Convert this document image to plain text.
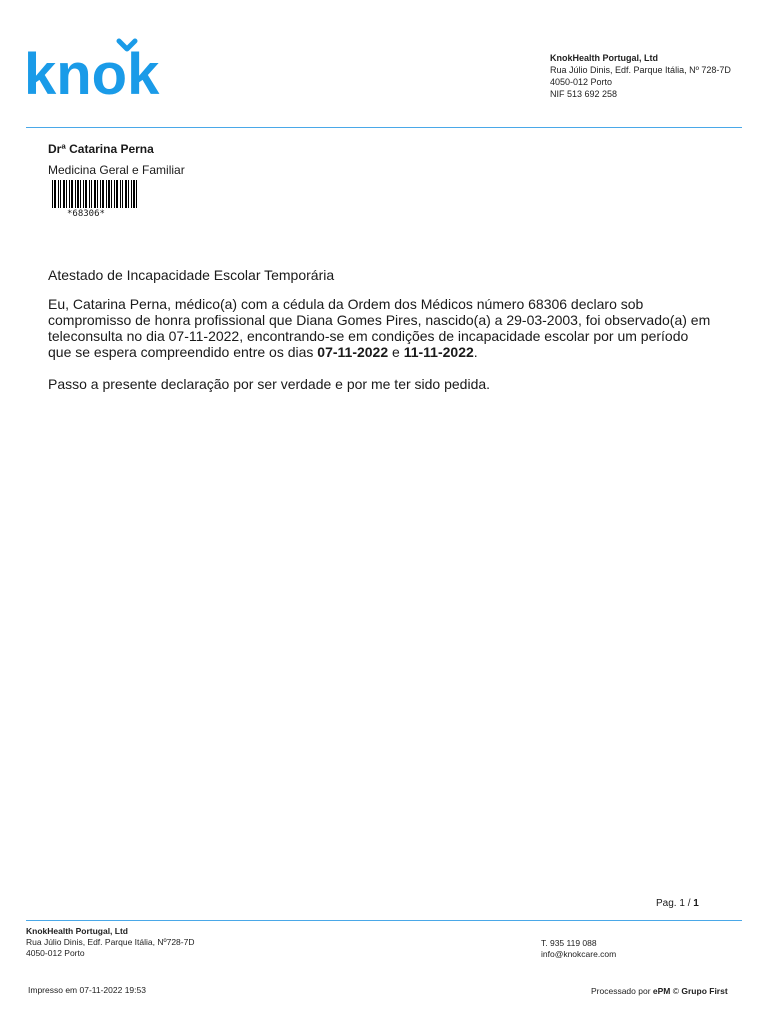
knok	KnokHealth Portugal, Ltd
Rua Júlio Dinis, Edf. Parque Itália, Nº 728-7D
4050-012 Porto
NIF 513 692 258
Drª Catarina Perna
Medicina Geral e Familiar
*68306*
Atestado de Incapacidade Escolar Temporária
Eu, Catarina Perna, médico(a) com a cédula da Ordem dos Médicos número 68306 declaro sob
compromisso de honra profissional que Diana Gomes Pires, nascido(a) a 29-03-2003, foi observado(a) em
teleconsulta no dia 07-11-2022, encontrando-se em condições de incapacidade escolar por um período
que se espera compreendido entre os dias 07-11-2022 e 11-11-2022.
Passo a presente declaração por ser verdade e por me ter sido pedida.
Pag. 1 / 1
KnokHealth Portugal, Ltd
Rua Júlio Dinis, Edf. Parque Itália, Nº728-7D
4050-012 Porto
T. 935 119 088
info@knokcare.com
Impresso em 07-11-2022 19:53	Processado por ePM © Grupo First
